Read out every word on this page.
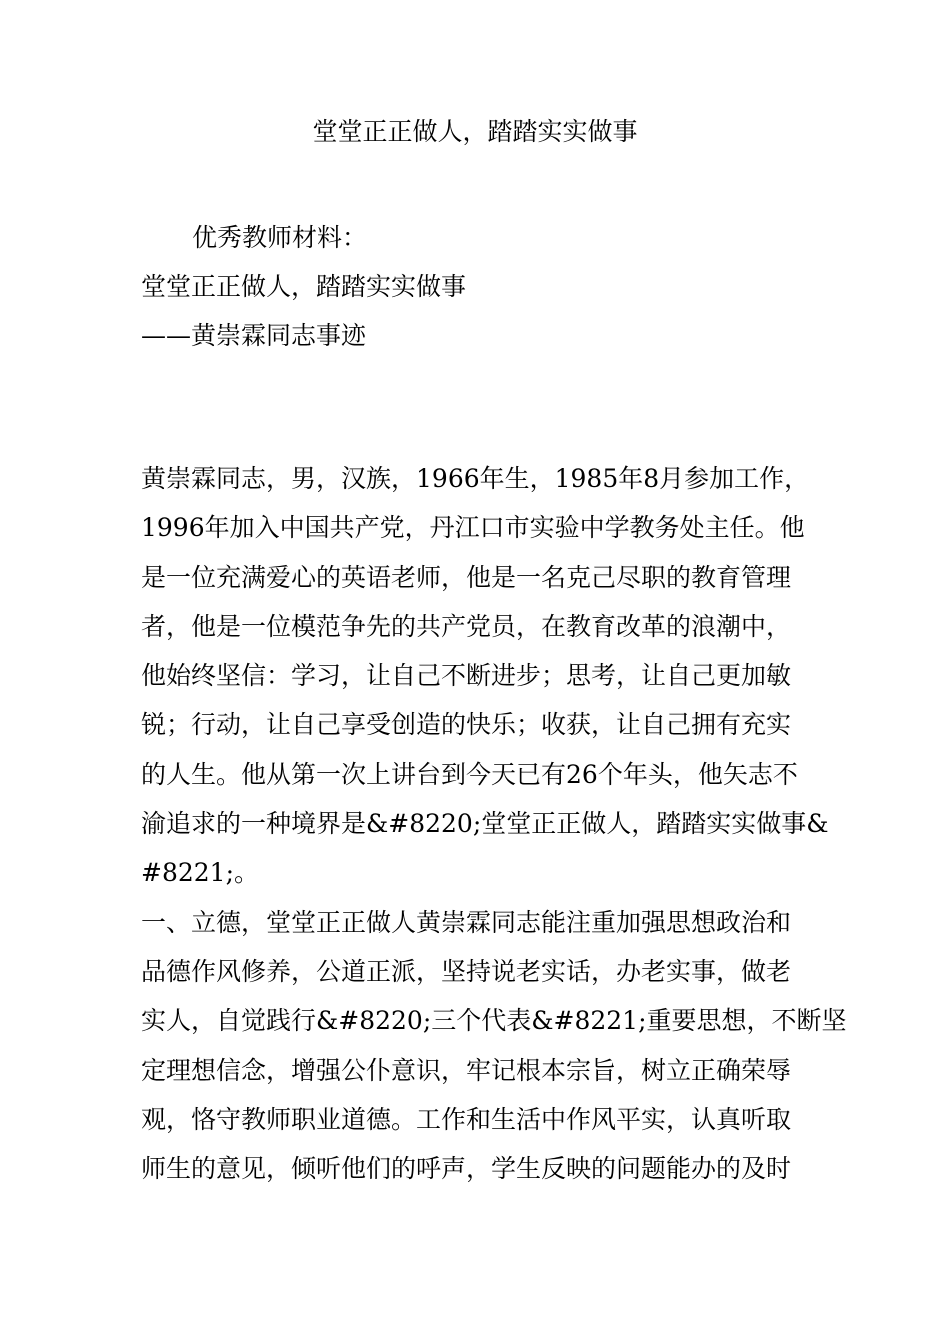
堂堂正正做人，踏踏实实做事
优秀教师材料：
堂堂正正做人，踏踏实实做事
——黄崇霖同志事迹
黄崇霖同志，男，汉族，1966年生，1985年8月参加工作，
1996年加入中国共产党，丹江口市实验中学教务处主任。他
是一位充满爱心的英语老师，他是一名克己尽职的教育管理
者，他是一位模范争先的共产党员，在教育改革的浪潮中，
他始终坚信：学习，让自己不断进步；思考，让自己更加敏
锐；行动，让自己享受创造的快乐；收获，让自己拥有充实
的人生。他从第一次上讲台到今天已有26个年头，他矢志不
渝追求的一种境界是&#8220;堂堂正正做人，踏踏实实做事&
#8221;。
一、立德，堂堂正正做人黄崇霖同志能注重加强思想政治和
品德作风修养，公道正派，坚持说老实话，办老实事，做老
实人，自觉践行&#8220;三个代表&#8221;重要思想，不断坚
定理想信念，增强公仆意识，牢记根本宗旨，树立正确荣辱
观，恪守教师职业道德。工作和生活中作风平实，认真听取
师生的意见，倾听他们的呼声，学生反映的问题能办的及时
